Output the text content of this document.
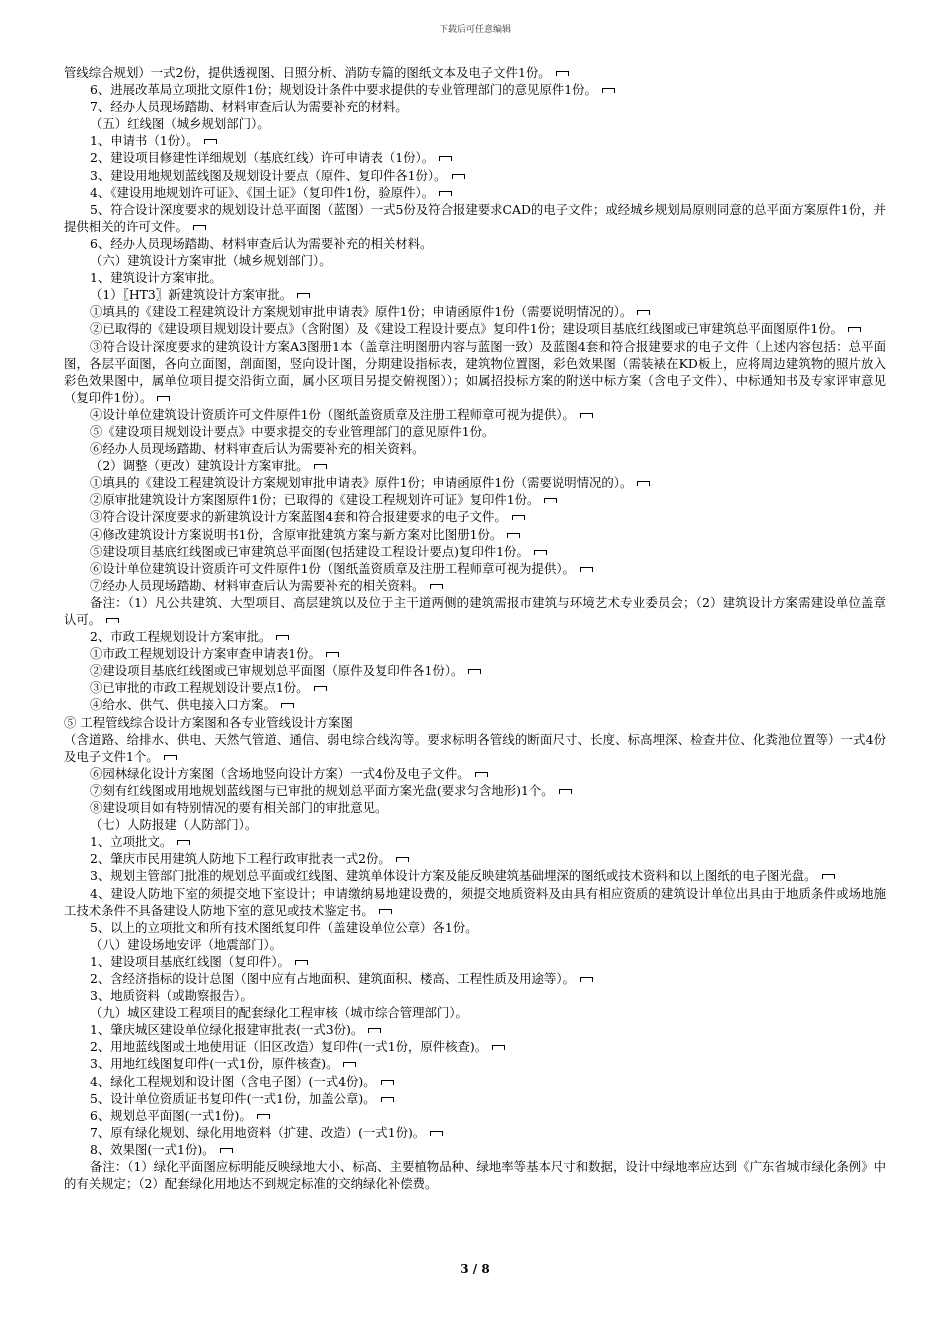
下载后可任意编辑

管线综合规划）一式2份，提供透视图、日照分析、消防专篇的图纸文本及电子文件1份。

6、进展改革局立项批文原件1份；规划设计条件中要求提供的专业管理部门的意见原件1份。

7、经办人员现场踏勘、材料审查后认为需要补充的材料。

（五）红线图（城乡规划部门）。

1、申请书（1份）。

2、建设项目修建性详细规划（基底红线）许可申请表（1份）。

3、建设用地规划蓝线图及规划设计要点（原件、复印件各1份）。

4、《建设用地规划许可证》、《国土证》（复印件1份，验原件）。

5、符合设计深度要求的规划设计总平面图（蓝图）一式5份及符合报建要求CAD的电子文件；或经城乡规划局原则同意的总平面方案原件1份，并提供相关的许可文件。

6、经办人员现场踏勘、材料审查后认为需要补充的相关材料。

（六）建筑设计方案审批（城乡规划部门）。

1、建筑设计方案审批。

（1）〖HT3〗新建筑设计方案审批。

①填具的《建设工程建筑设计方案规划审批申请表》原件1份；申请函原件1份（需要说明情况的）。

②已取得的《建设项目规划设计要点》（含附图）及《建设工程设计要点》复印件1份；建设项目基底红线图或已审建筑总平面图原件1份。

③符合设计深度要求的建筑设计方案A3图册1本（盖章注明图册内容与蓝图一致）及蓝图4套和符合报建要求的电子文件（上述内容包括：总平面图，各层平面图，各向立面图，剖面图，竖向设计图，分期建设指标表，建筑物位置图，彩色效果图（需装裱在KD板上，应将周边建筑物的照片放入彩色效果图中，属单位项目提交沿街立面，属小区项目另提交俯视图））；如属招投标方案的附送中标方案（含电子文件）、中标通知书及专家评审意见（复印件1份）。

④设计单位建筑设计资质许可文件原件1份（图纸盖资质章及注册工程师章可视为提供）。

⑤《建设项目规划设计要点》中要求提交的专业管理部门的意见原件1份。

⑥经办人员现场踏勘、材料审查后认为需要补充的相关资料。

（2）调整（更改）建筑设计方案审批。

①填具的《建设工程建筑设计方案规划审批申请表》原件1份；申请函原件1份（需要说明情况的）。

②原审批建筑设计方案图原件1份；已取得的《建设工程规划许可证》复印件1份。

③符合设计深度要求的新建筑设计方案蓝图4套和符合报建要求的电子文件。

④修改建筑设计方案说明书1份，含原审批建筑方案与新方案对比图册1份。

⑤建设项目基底红线图或已审建筑总平面图(包括建设工程设计要点)复印件1份。

⑥设计单位建筑设计资质许可文件原件1份（图纸盖资质章及注册工程师章可视为提供）。

⑦经办人员现场踏勘、材料审查后认为需要补充的相关资料。

备注：（1）凡公共建筑、大型项目、高层建筑以及位于主干道两侧的建筑需报市建筑与环境艺术专业委员会；（2）建筑设计方案需建设单位盖章认可。

2、市政工程规划设计方案审批。

①市政工程规划设计方案审查申请表1份。

②建设项目基底红线图或已审规划总平面图（原件及复印件各1份）。

③已审批的市政工程规划设计要点1份。

④给水、供气、供电接入口方案。

⑤ 工程管线综合设计方案图和各专业管线设计方案图

（含道路、给排水、供电、天然气管道、通信、弱电综合线沟等。要求标明各管线的断面尺寸、长度、标高埋深、检查井位、化粪池位置等）一式4份及电子文件1个。

⑥园林绿化设计方案图（含场地竖向设计方案）一式4份及电子文件。

⑦刻有红线图或用地规划蓝线图与已审批的规划总平面方案光盘(要求匀含地形)1个。

⑧建设项目如有特别情况的要有相关部门的审批意见。

（七）人防报建（人防部门）。

1、立项批文。

2、肇庆市民用建筑人防地下工程行政审批表一式2份。

3、规划主管部门批准的规划总平面或红线图、建筑单体设计方案及能反映建筑基础埋深的图纸或技术资料和以上图纸的电子图光盘。

4、建设人防地下室的须提交地下室设计；申请缴纳易地建设费的，须提交地质资料及由具有相应资质的建筑设计单位出具由于地质条件或场地施工技术条件不具备建设人防地下室的意见或技术鉴定书。

5、以上的立项批文和所有技术图纸复印件（盖建设单位公章）各1份。

（八）建设场地安评（地震部门）。

1、建设项目基底红线图（复印件）。

2、含经济指标的设计总图（图中应有占地面积、建筑面积、楼高、工程性质及用途等）。

3、地质资料（或勘察报告）。

（九）城区建设工程项目的配套绿化工程审核（城市综合管理部门）。

1、肇庆城区建设单位绿化报建审批表(一式3份)。

2、用地蓝线图或土地使用证（旧区改造）复印件(一式1份，原件核查)。

3、用地红线图复印件(一式1份，原件核查)。

4、绿化工程规划和设计图（含电子图）(一式4份)。

5、设计单位资质证书复印件(一式1份，加盖公章)。

6、规划总平面图(一式1份)。

7、原有绿化规划、绿化用地资料（扩建、改造）(一式1份)。

8、效果图(一式1份)。

备注：（1）绿化平面图应标明能反映绿地大小、标高、主要植物品种、绿地率等基本尺寸和数据，设计中绿地率应达到《广东省城市绿化条例》中的有关规定；（2）配套绿化用地达不到规定标准的交纳绿化补偿费。

3 / 8
